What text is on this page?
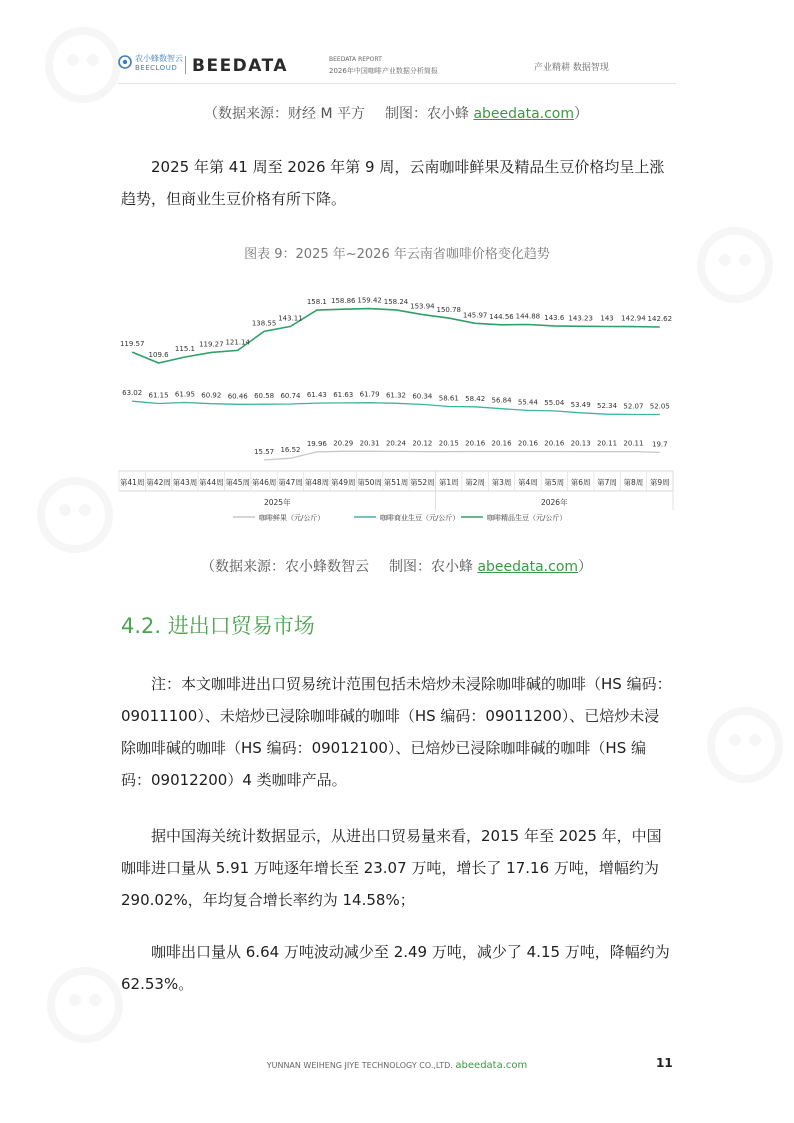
农小蜂数智云
BEECLOUD BEEDATA	BEEDATA REPORT
2026年中国咖啡产业数据分析简报	产业精耕 数据智现
（数据来源：财经 M 平方 制图：农小蜂 abeedata.com）
2025 年第 41 周至 2026 年第 9 周，云南咖啡鲜果及精品生豆价格均呈上涨趋势，但商业生豆价格有所下降。
图表 9：2025 年~2026 年云南省咖啡价格变化趋势
119.57
109.6
115.1
119.27 121.14
138.55
143.11
158.1 158.86 159.42 158.24
153.94 150.78
145.97 144.56 144.88 143.6 143.23 143 142.94 142.62
63.02 61.15 61.95 60.92 60.46 60.58 60.74 61.43 61.63 61.79 61.32 60.34 58.61 58.42 56.84 55.44 55.04 53.49 52.34 52.07 52.05
15.57 16.52
19.96 20.29 20.31 20.24 20.12 20.15 20.16 20.16 20.16 20.16 20.13 20.11 20.11 19.7
第41周 第42周 第43周 第44周 第45周 第46周 第47周 第48周 第49周 第50周 第51周 第52周 第1周 第2周 第3周 第4周 第5周 第6周 第7周 第8周 第9周
2025年	2026年
咖啡鲜果（元/公斤）	咖啡商业生豆（元/公斤）	咖啡精品生豆（元/公斤）
（数据来源：农小蜂数智云 制图：农小蜂 abeedata.com）
4.2. 进出口贸易市场
注：本文咖啡进出口贸易统计范围包括未焙炒未浸除咖啡碱的咖啡（HS 编码：09011100）、未焙炒已浸除咖啡碱的咖啡（HS 编码：09011200）、已焙炒未浸除咖啡碱的咖啡（HS 编码：09012100）、已焙炒已浸除咖啡碱的咖啡（HS 编码：09012200）4 类咖啡产品。
据中国海关统计数据显示，从进出口贸易量来看，2015 年至 2025 年，中国咖啡进口量从 5.91 万吨逐年增长至 23.07 万吨，增长了 17.16 万吨，增幅约为 290.02%，年均复合增长率约为 14.58%；
咖啡出口量从 6.64 万吨波动减少至 2.49 万吨，减少了 4.15 万吨，降幅约为 62.53%。
YUNNAN WEIHENG JIYE TECHNOLOGY CO.,LTD. abeedata.com	11
